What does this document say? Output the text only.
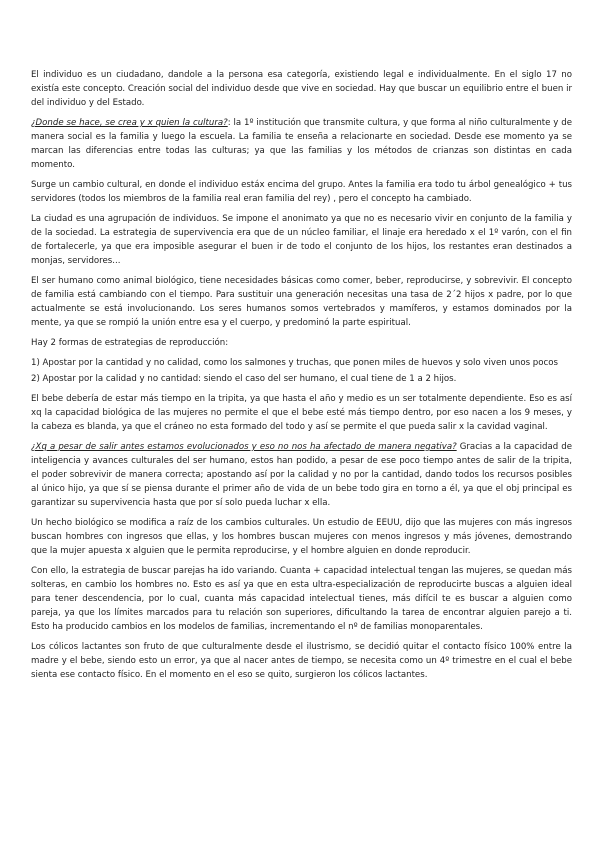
El individuo es un ciudadano, dandole a la persona esa categoría, existiendo legal e individualmente. En el siglo 17 no existía este concepto. Creación social del individuo desde que vive en sociedad. Hay que buscar un equilibrio entre el buen ir del individuo y del Estado.

¿Donde se hace, se crea y x quien la cultura?: la 1º institución que transmite cultura, y que forma al niño culturalmente y de manera social es la familia y luego la escuela. La familia te enseña a relacionarte en sociedad. Desde ese momento ya se marcan las diferencias entre todas las culturas; ya que las familias y los métodos de crianzas son distintas en cada momento.

Surge un cambio cultural, en donde el individuo estáx encima del grupo. Antes la familia era todo tu árbol genealógico + tus servidores (todos los miembros de la familia real eran familia del rey) , pero el concepto ha cambiado.

La ciudad es una agrupación de individuos. Se impone el anonimato ya que no es necesario vivir en conjunto de la familia y de la sociedad. La estrategia de supervivencia era que de un núcleo familiar, el linaje era heredado x el 1º varón, con el fin de fortalecerle, ya que era imposible asegurar el buen ir de todo el conjunto de los hijos, los restantes eran destinados a monjas, servidores...

El ser humano como animal biológico, tiene necesidades básicas como comer, beber, reproducirse, y sobrevivir. El concepto de familia está cambiando con el tiempo. Para sustituir una generación necesitas una tasa de 2´2 hijos x padre, por lo que actualmente se está involucionando. Los seres humanos somos vertebrados y mamíferos, y estamos dominados por la mente, ya que se rompió la unión entre esa y el cuerpo, y predominó la parte espiritual.

Hay 2 formas de estrategias de reproducción:

1) Apostar por la cantidad y no calidad, como los salmones y truchas, que ponen miles de huevos y solo viven unos pocos

2) Apostar por la calidad y no cantidad: siendo el caso del ser humano, el cual tiene de 1 a 2 hijos.

El bebe debería de estar más tiempo en la tripita, ya que hasta el año y medio es un ser totalmente dependiente. Eso es así xq la capacidad biológica de las mujeres no permite el que el bebe esté más tiempo dentro, por eso nacen a los 9 meses, y la cabeza es blanda, ya que el cráneo no esta formado del todo y así se permite el que pueda salir x la cavidad vaginal.

¿Xq a pesar de salir antes estamos evolucionados y eso no nos ha afectado de manera negativa? Gracias a la capacidad de inteligencia y avances culturales del ser humano, estos han podido, a pesar de ese poco tiempo antes de salir de la tripita, el poder sobrevivir de manera correcta; apostando así por la calidad y no por la cantidad, dando todos los recursos posibles al único hijo, ya que sí se piensa durante el primer año de vida de un bebe todo gira en torno a él, ya que el obj principal es garantizar su supervivencia hasta que por sí solo pueda luchar x ella.

Un hecho biológico se modifica a raíz de los cambios culturales. Un estudio de EEUU, dijo que las mujeres con más ingresos buscan hombres con ingresos que ellas, y los hombres buscan mujeres con menos ingresos y más jóvenes, demostrando que la mujer apuesta x alguien que le permita reproducirse, y el hombre alguien en donde reproducir.

Con ello, la estrategia de buscar parejas ha ido variando. Cuanta + capacidad intelectual tengan las mujeres, se quedan más solteras, en cambio los hombres no. Esto es así ya que en esta ultra-especialización de reproducirte buscas a alguien ideal para tener descendencia, por lo cual, cuanta más capacidad intelectual tienes, más difícil te es buscar a alguien como pareja, ya que los límites marcados para tu relación son superiores, dificultando la tarea de encontrar alguien parejo a ti. Esto ha producido cambios en los modelos de familias, incrementando el nº de familias monoparentales.

Los cólicos lactantes son fruto de que culturalmente desde el ilustrismo, se decidió quitar el contacto físico 100% entre la madre y el bebe, siendo esto un error, ya que al nacer antes de tiempo, se necesita como un 4º trimestre en el cual el bebe sienta ese contacto físico. En el momento en el eso se quito, surgieron los cólicos lactantes.
